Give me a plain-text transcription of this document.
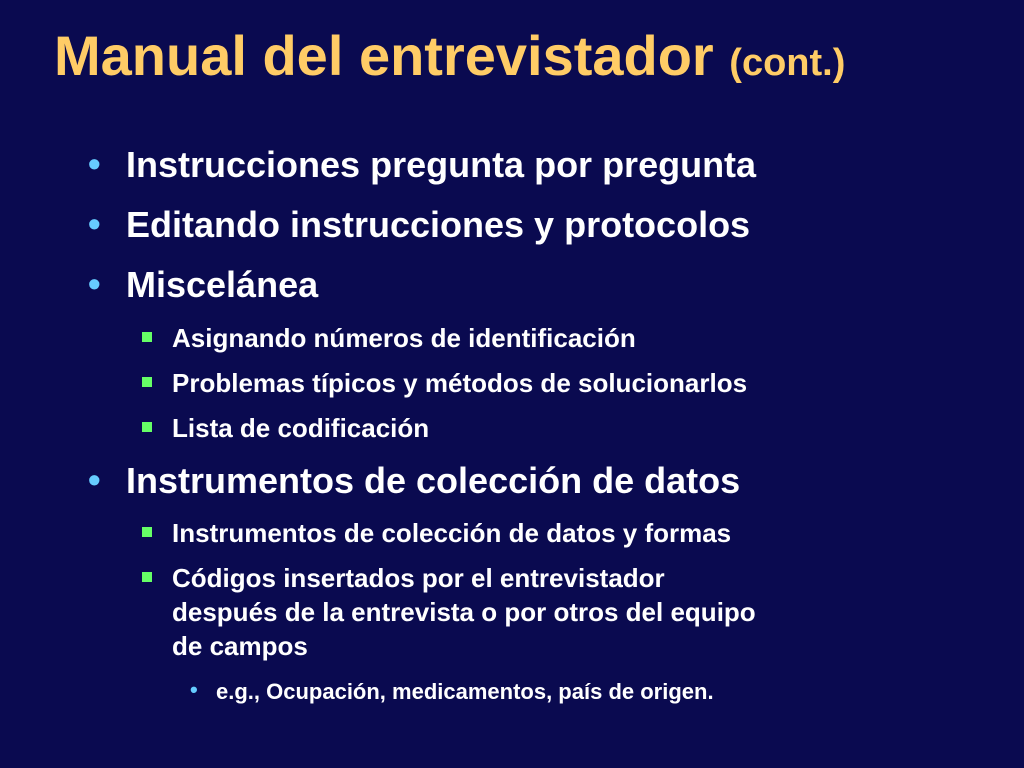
Manual del entrevistador (cont.)
• Instrucciones pregunta por pregunta
• Editando instrucciones y protocolos
• Miscelánea
Asignando números de identificación
Problemas típicos y métodos de solucionarlos
Lista de codificación
• Instrumentos de colección de datos
Instrumentos de colección de datos y formas
Códigos insertados por el entrevistador
después de la entrevista o por otros del equipo
de campos
• e.g., Ocupación, medicamentos, país de origen.
